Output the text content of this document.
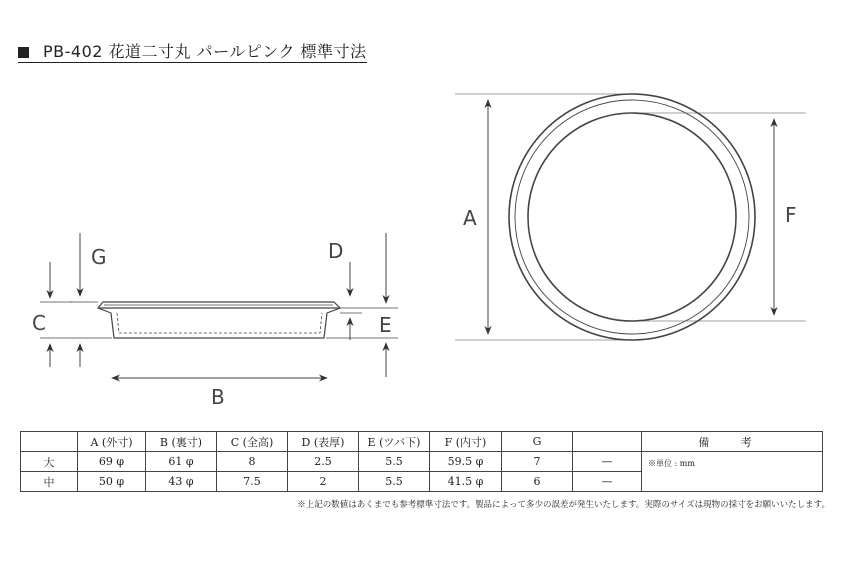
PB-402 花道二寸丸 パールピンク 標準寸法
G
C
D
E
B
A	F
	A (外寸)	B (裏寸)	C (全高)	D (表厚)	E (ツバ下)	F (内寸)	G		備 考
大	69 φ	61 φ	8	2.5	5.5	59.5 φ	7	—	※単位 : mm
中	50 φ	43 φ	7.5	2	5.5	41.5 φ	6	—	
※上記の数値はあくまでも参考標準寸法です。製品によって多少の誤差が発生いたします。実際のサイズは現物の採寸をお願いいたします。
